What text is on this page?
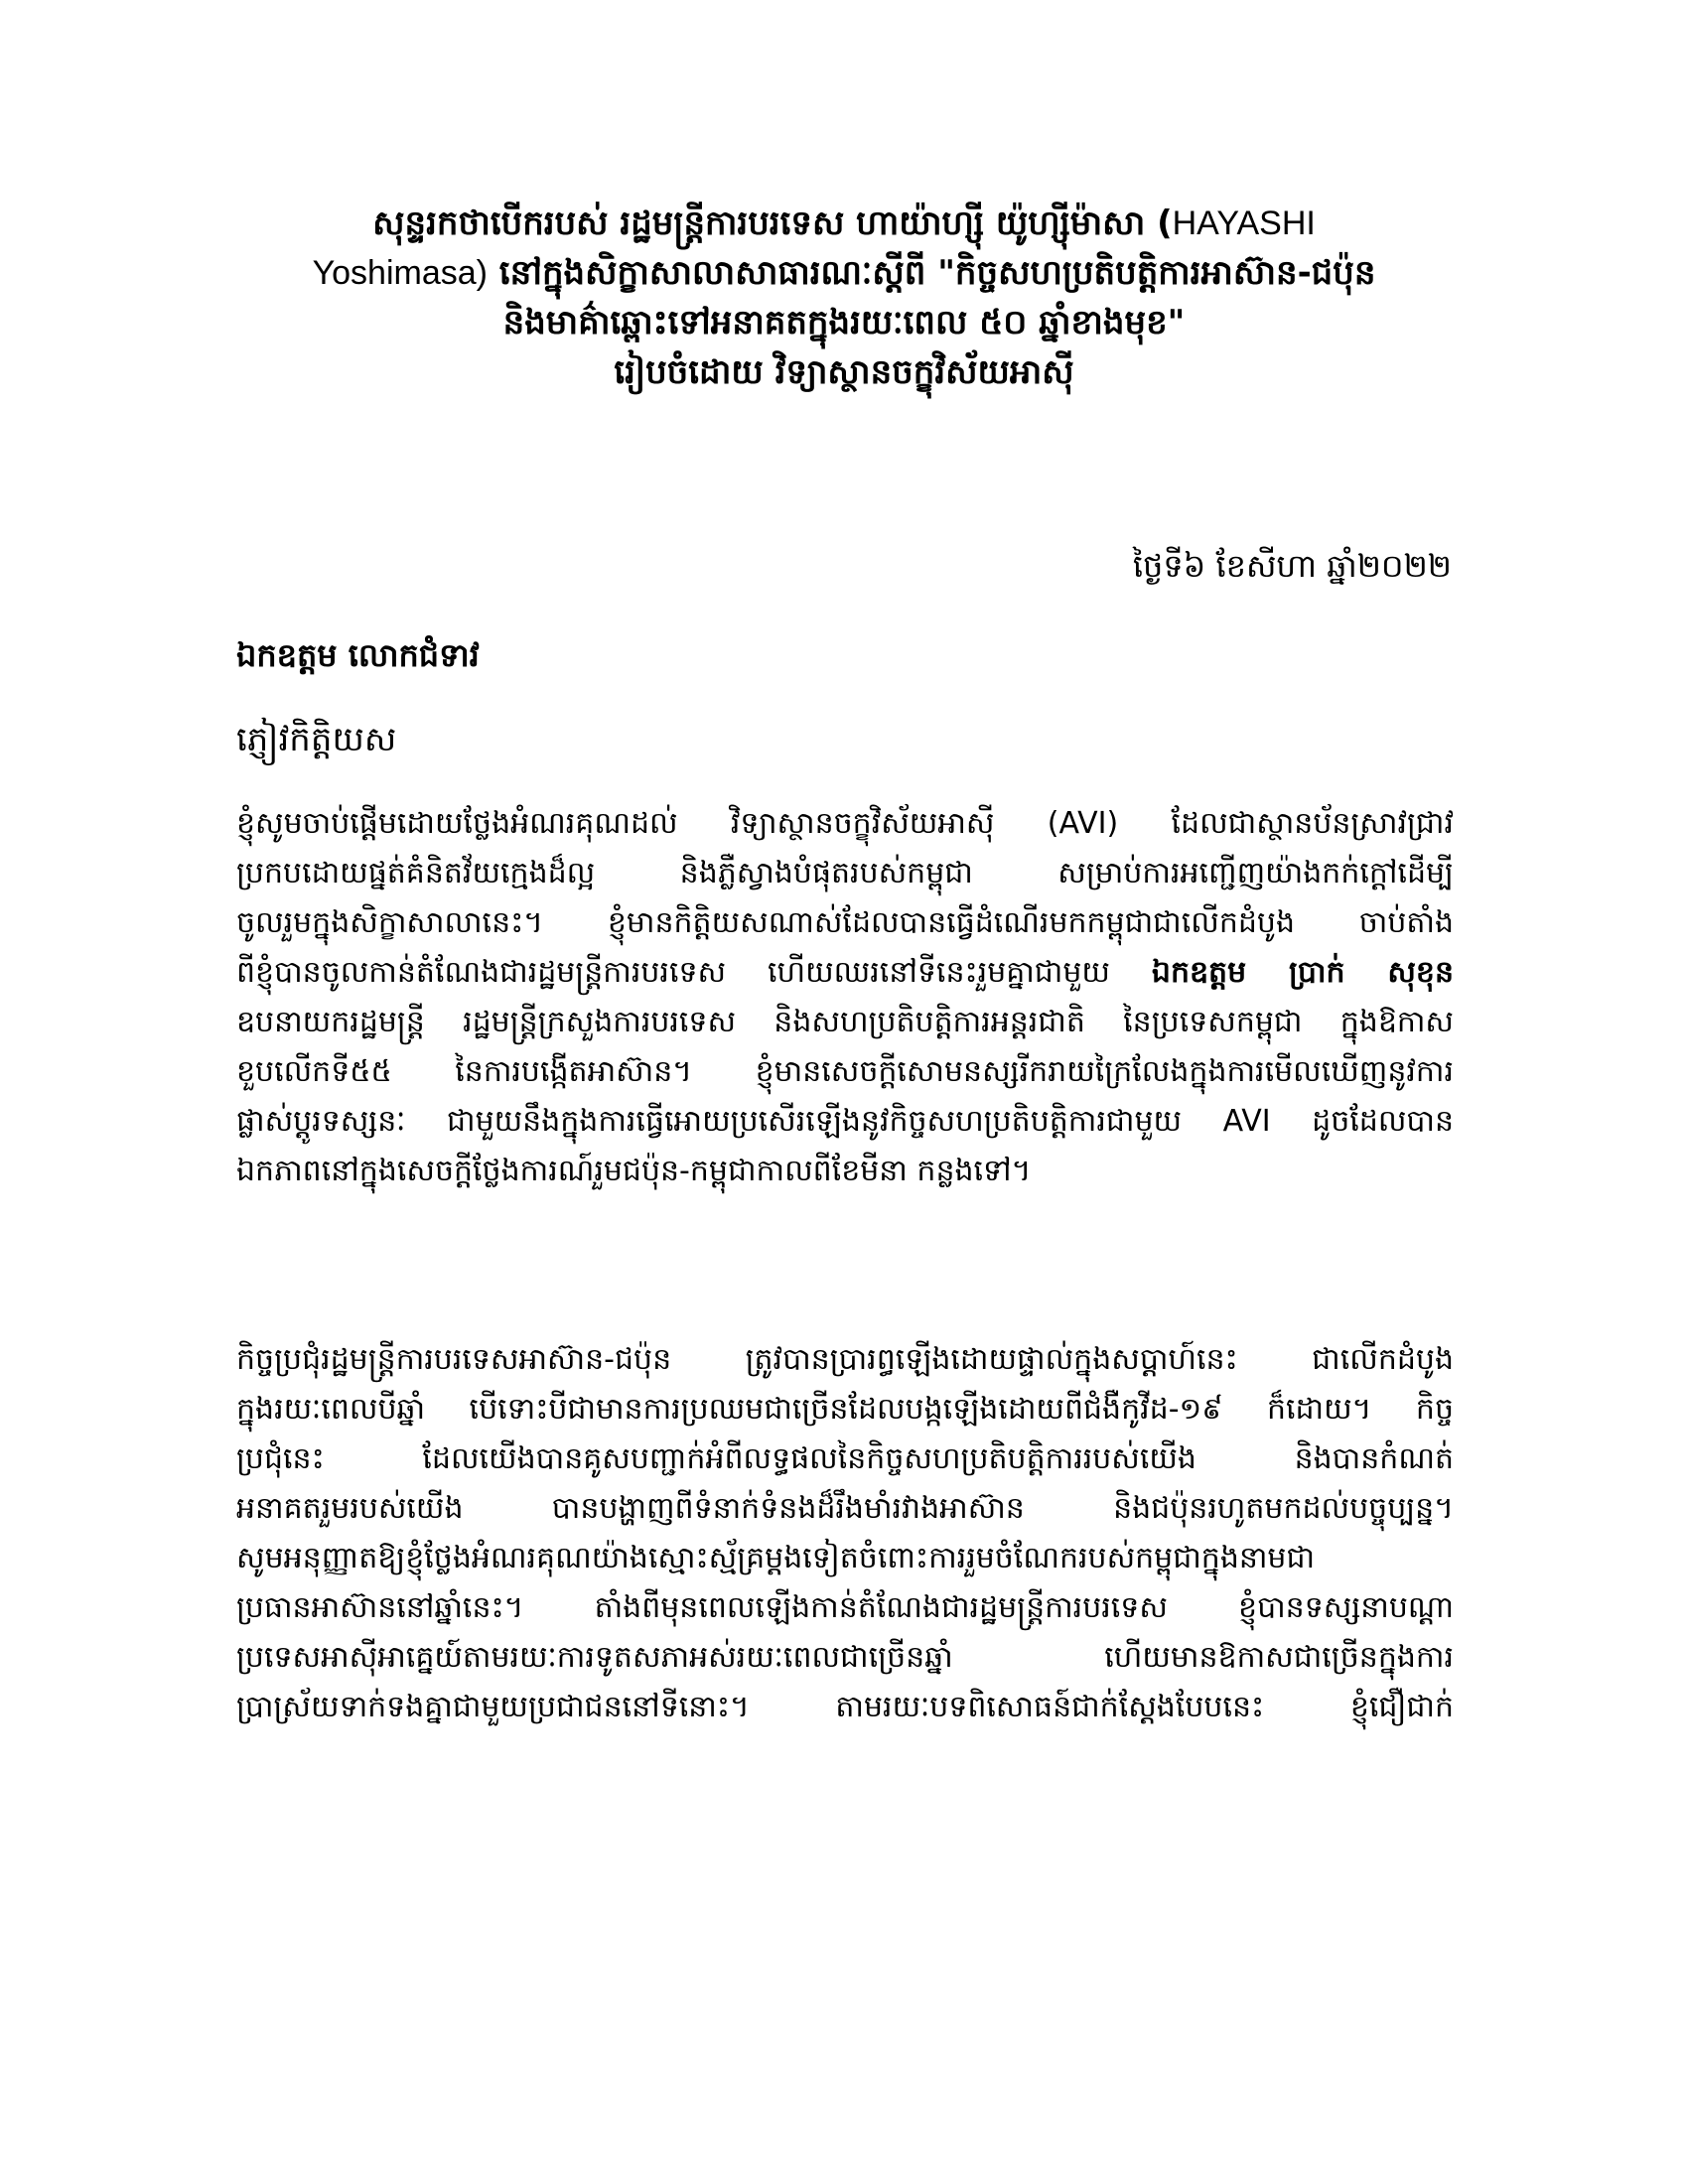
សុន្ទរកថាបើករបស់ រដ្ឋមន្ត្រីការបរទេស ហាយ៉ាហ្ស៊ី យ៉ូហ្ស៊ីម៉ាសា (HAYASHI
Yoshimasa) នៅក្នុងសិក្ខាសាលាសាធារណៈស្តីពី "កិច្ចសហប្រតិបត្តិការអាស៊ាន-ជប៉ុន
និងមាគ៌ាឆ្ពោះទៅអនាគតក្នុងរយៈពេល ៥០ ឆ្នាំខាងមុខ"
រៀបចំដោយ វិទ្យាស្ថានចក្ខុវិស័យអាស៊ី
ថ្ងៃទី៦ ខែសីហា ឆ្នាំ២០២២
ឯកឧត្តម លោកជំទាវ
ភ្ញៀវកិត្តិយស
ខ្ញុំសូមចាប់ផ្តើមដោយថ្លែងអំណរគុណដល់ វិទ្យាស្ថានចក្ខុវិស័យអាស៊ី (AVI) ដែលជាស្ថានប័នស្រាវជ្រាវ
ប្រកបដោយផ្នត់គំនិតវ័យក្មេងដ៏ល្អ និងភ្លឺស្វាងបំផុតរបស់កម្ពុជា សម្រាប់ការអញ្ជើញយ៉ាងកក់ក្ដៅដើម្បី
ចូលរួមក្នុងសិក្ខាសាលានេះ។ ខ្ញុំមានកិត្តិយសណាស់ដែលបានធ្វើដំណើរមកកម្ពុជាជាលើកដំបូង ចាប់តាំង
ពីខ្ញុំបានចូលកាន់តំណែងជារដ្ឋមន្ត្រីការបរទេស ហើយឈរនៅទីនេះរួមគ្នាជាមួយ ឯកឧត្តម ប្រាក់ សុខុន
ឧបនាយករដ្ឋមន្ត្រី រដ្ឋមន្ត្រីក្រសួងការបរទេស និងសហប្រតិបត្តិការអន្តរជាតិ នៃប្រទេសកម្ពុជា ក្នុងឱកាស
ខួបលើកទី៥៥ នៃការបង្កើតអាស៊ាន។ ខ្ញុំមានសេចក្តីសោមនស្សរីករាយក្រៃលែងក្នុងការមើលឃើញនូវការ
ផ្លាស់ប្តូរទស្សនៈ ជាមួយនឹងក្នុងការធ្វើអោយប្រសើរឡើងនូវកិច្ចសហប្រតិបត្តិការជាមួយ AVI ដូចដែលបាន
ឯកភាពនៅក្នុងសេចក្តីថ្លែងការណ៍រួមជប៉ុន-កម្ពុជាកាលពីខែមីនា កន្លងទៅ។
កិច្ចប្រជុំរដ្ឋមន្ត្រីការបរទេសអាស៊ាន-ជប៉ុន ត្រូវបានប្រារព្ធឡើងដោយផ្ទាល់ក្នុងសប្តាហ៍នេះ ជាលើកដំបូង
ក្នុងរយៈពេលបីឆ្នាំ បើទោះបីជាមានការប្រឈមជាច្រើនដែលបង្កឡើងដោយពីជំងឺកូវីដ-១៩ ក៏ដោយ។ កិច្ច
ប្រជុំនេះ ដែលយើងបានគូសបញ្ជាក់អំពីលទ្ធផលនៃកិច្ចសហប្រតិបត្តិការរបស់យើង និងបានកំណត់
អនាគតរួមរបស់យើង បានបង្ហាញពីទំនាក់ទំនងដ៏រឹងមាំរវាងអាស៊ាន និងជប៉ុនរហូតមកដល់បច្ចុប្បន្ន។
សូមអនុញ្ញាតឱ្យខ្ញុំថ្លែងអំណរគុណយ៉ាងស្មោះស្ម័គ្រម្តងទៀតចំពោះការរួមចំណែករបស់កម្ពុជាក្នុងនាមជា
ប្រធានអាស៊ាននៅឆ្នាំនេះ។ តាំងពីមុនពេលឡើងកាន់តំណែងជារដ្ឋមន្ត្រីការបរទេស ខ្ញុំបានទស្សនាបណ្តា
ប្រទេសអាស៊ីអាគ្នេយ៍តាមរយៈការទូតសភាអស់រយៈពេលជាច្រើនឆ្នាំ ហើយមានឱកាសជាច្រើនក្នុងការ
ប្រាស្រ័យទាក់ទងគ្នាជាមួយប្រជាជននៅទីនោះ។ តាមរយៈបទពិសោធន៍ជាក់ស្តែងបែបនេះ ខ្ញុំជឿជាក់
